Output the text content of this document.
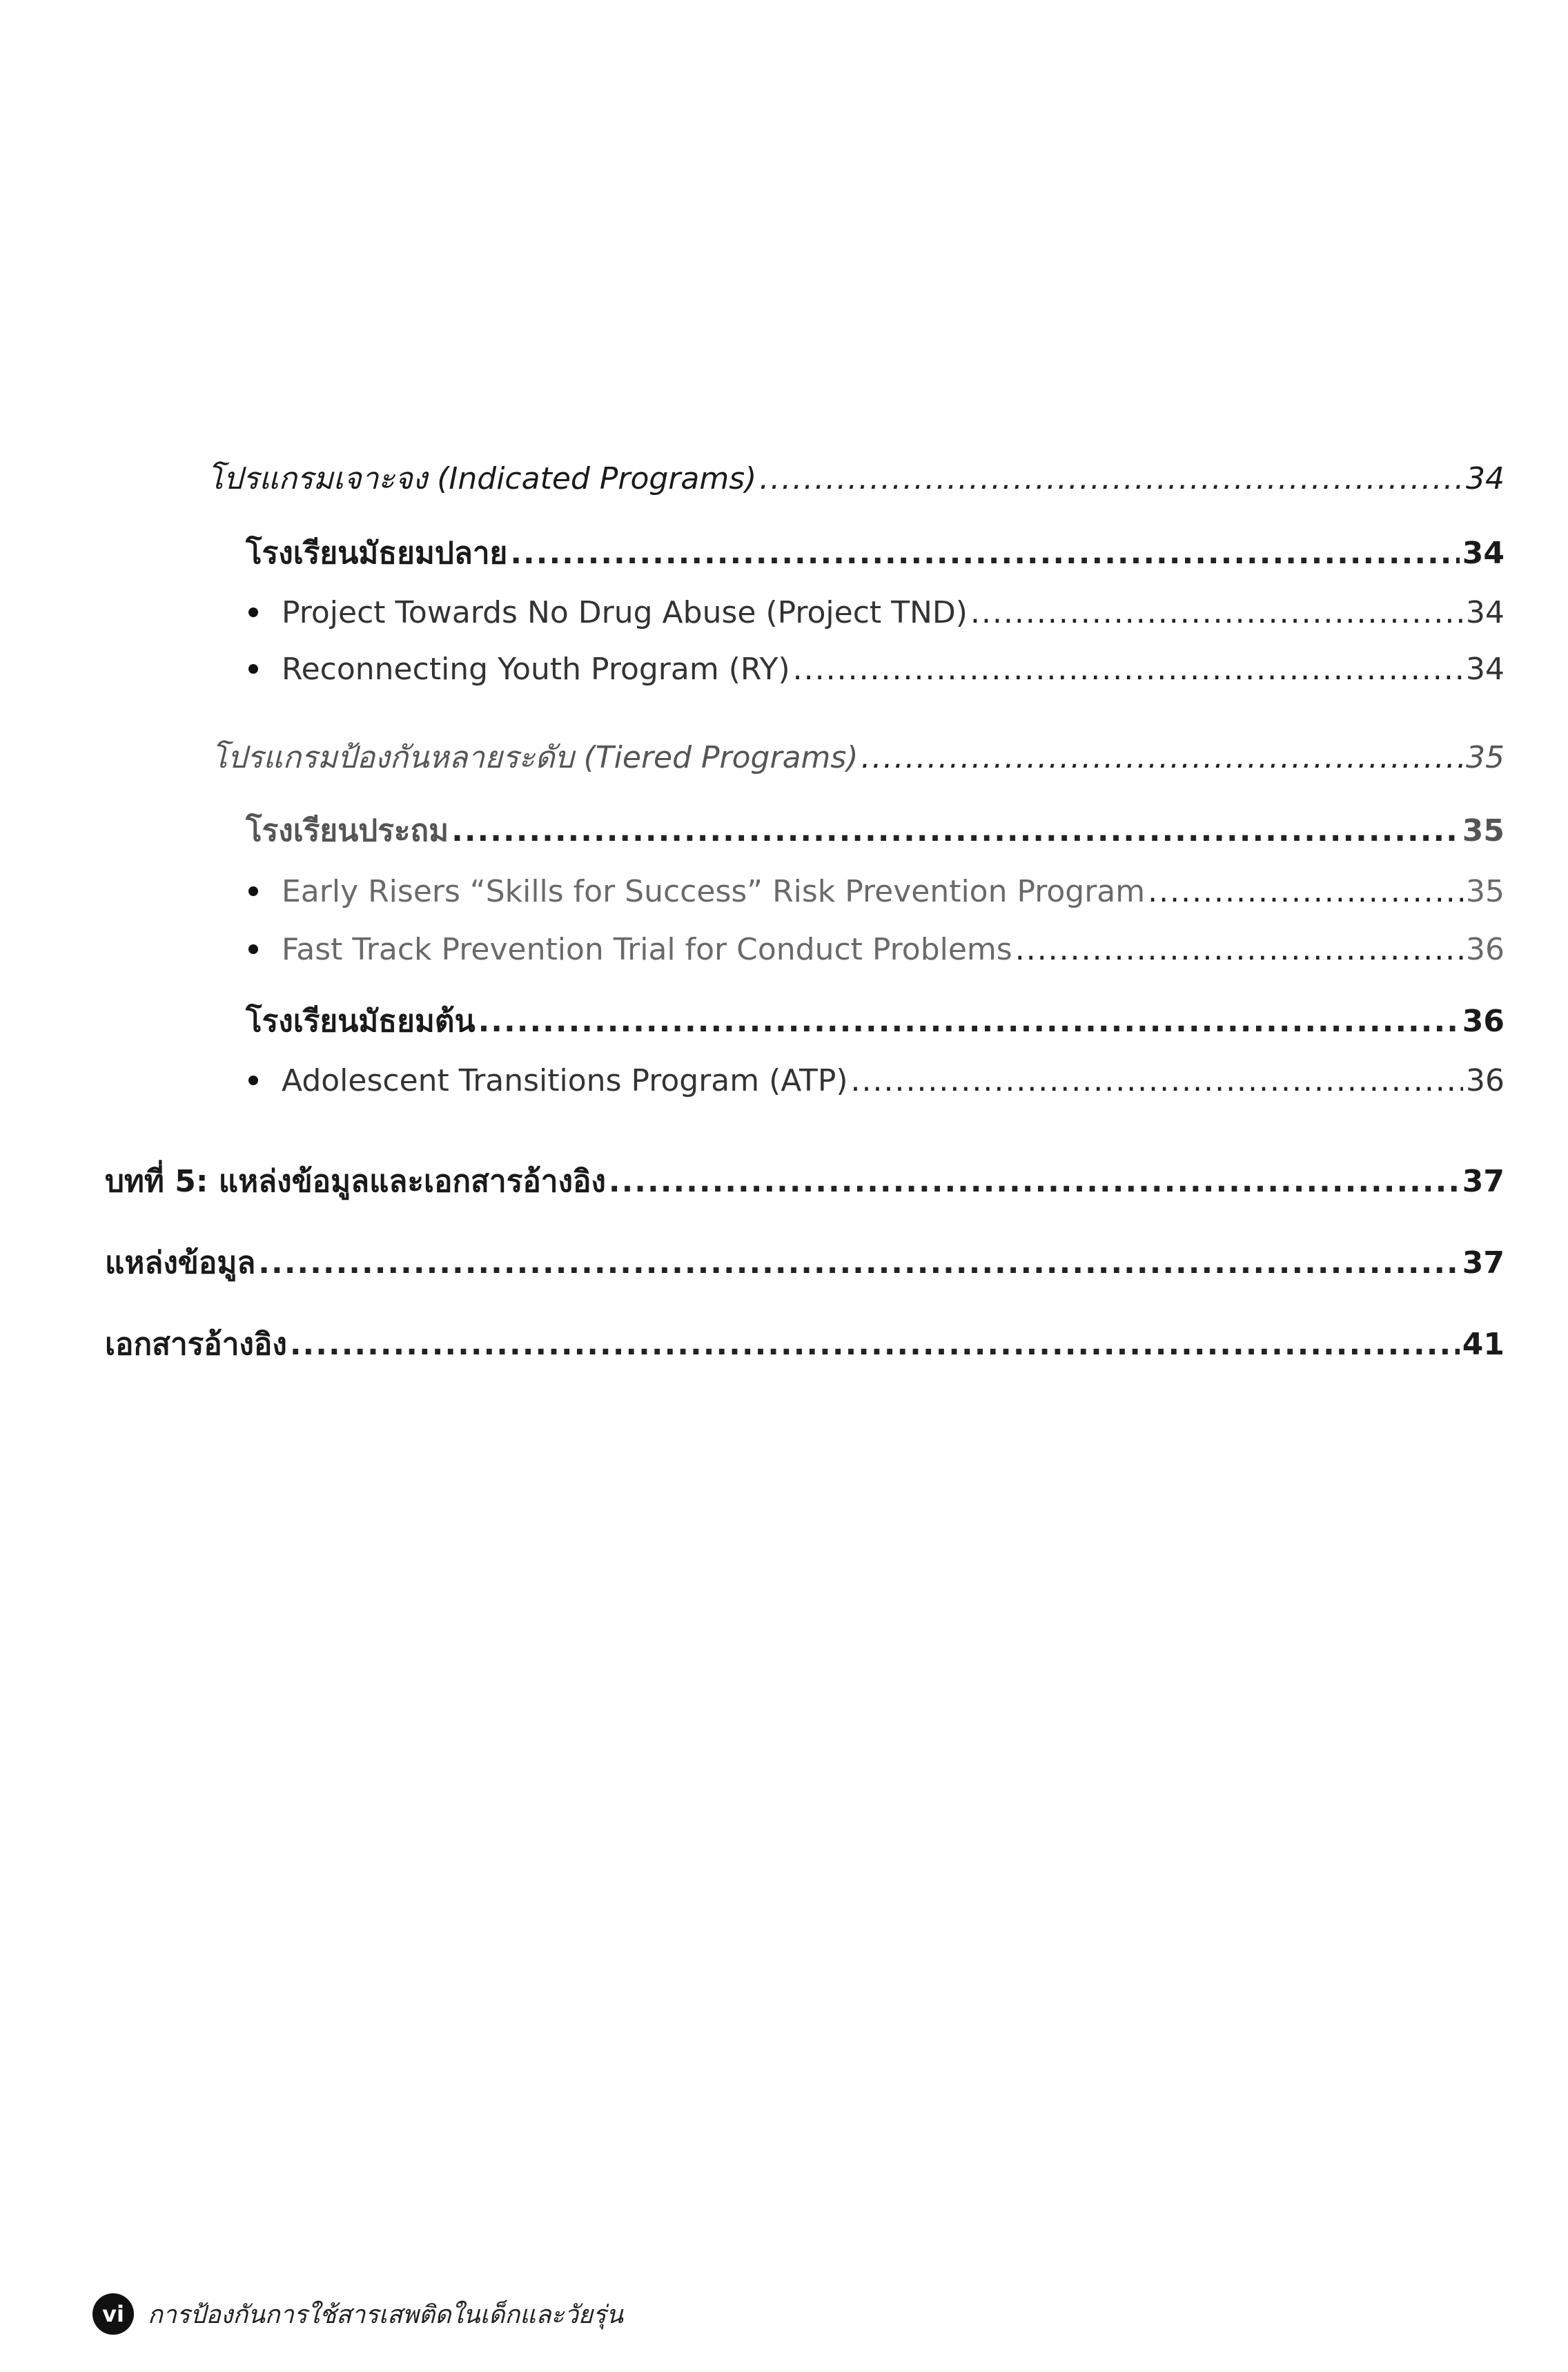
โปรแกรมเจาะจง (Indicated Programs) .....	34
โรงเรียนมัธยมปลาย .....	34
Project Towards No Drug Abuse (Project TND) .....	34
Reconnecting Youth Program (RY) .....	34
โปรแกรมป้องกันหลายระดับ (Tiered Programs) .....	35
โรงเรียนประถม .....	35
Early Risers “Skills for Success” Risk Prevention Program .....	35
Fast Track Prevention Trial for Conduct Problems .....	36
โรงเรียนมัธยมต้น .....	36
Adolescent Transitions Program (ATP) .....	36
บทที่ 5: แหล่งข้อมูลและเอกสารอ้างอิง .....	37
แหล่งข้อมูล .....	37
เอกสารอ้างอิง .....	41
vi การป้องกันการใช้สารเสพติดในเด็กและวัยรุ่น
